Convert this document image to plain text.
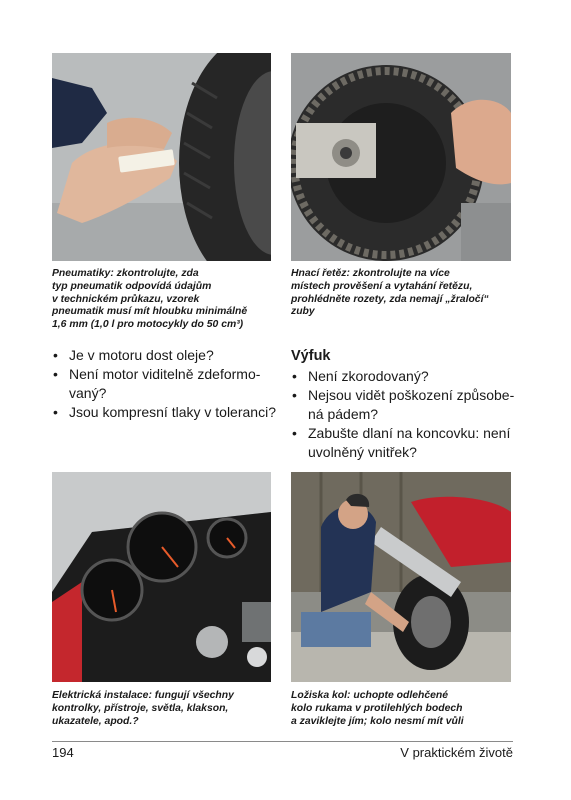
Pneumatiky: zkontrolujte, zda
typ pneumatik odpovídá údajům
v technickém průkazu, vzorek
pneumatik musí mít hloubku minimálně
1,6 mm (1,0 l pro motocykly do 50 cm³)
Hnací řetěz: zkontrolujte na více
místech prověšení a vytahání řetězu,
prohlédněte rozety, zda nemají „žraločí“
zuby
• Je v motoru dost oleje?
• Není motor viditelně zdeformo-
vaný?
• Jsou kompresní tlaky v toleranci?
Výfuk
• Není zkorodovaný?
• Nejsou vidět poškození způsobe-
ná pádem?
• Zabušte dlaní na koncovku: není
uvolněný vnitřek?
Elektrická instalace: fungují všechny
kontrolky, přístroje, světla, klakson,
ukazatele, apod.?
Ložiska kol: uchopte odlehčené
kolo rukama v protilehlých bodech
a zaviklejte jím; kolo nesmí mít vůli
194	V praktickém životě
